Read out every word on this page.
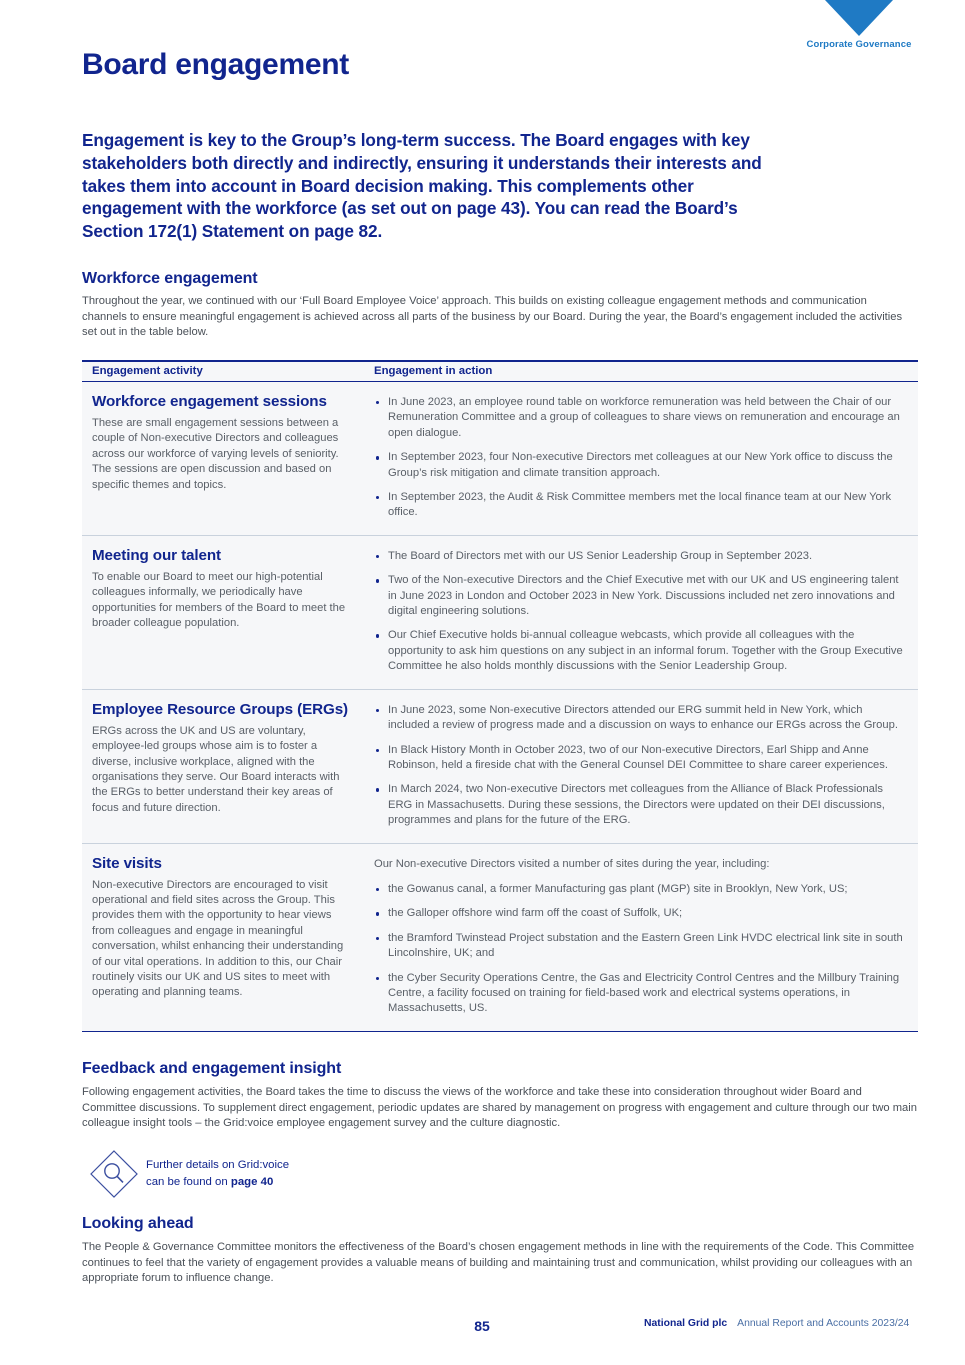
Corporate Governance
Board engagement

Engagement is key to the Group’s long-term success. The Board engages with key stakeholders both directly and indirectly, ensuring it understands their interests and takes them into account in Board decision making. This complements other engagement with the workforce (as set out on page 43). You can read the Board’s Section 172(1) Statement on page 82.

Workforce engagement

Throughout the year, we continued with our ‘Full Board Employee Voice’ approach. This builds on existing colleague engagement methods and communication channels to ensure meaningful engagement is achieved across all parts of the business by our Board. During the year, the Board’s engagement included the activities set out in the table below.

Engagement activity	Engagement in action
Workforce engagement sessions
These are small engagement sessions between a couple of Non-executive Directors and colleagues across our workforce of varying levels of seniority. The sessions are open discussion and based on specific themes and topics.
In June 2023, an employee round table on workforce remuneration was held between the Chair of our Remuneration Committee and a group of colleagues to share views on remuneration and encourage an open dialogue.
In September 2023, four Non-executive Directors met colleagues at our New York office to discuss the Group’s risk mitigation and climate transition approach.
In September 2023, the Audit & Risk Committee members met the local finance team at our New York office.
Meeting our talent
To enable our Board to meet our high-potential colleagues informally, we periodically have opportunities for members of the Board to meet the broader colleague population.
The Board of Directors met with our US Senior Leadership Group in September 2023.
Two of the Non-executive Directors and the Chief Executive met with our UK and US engineering talent in June 2023 in London and October 2023 in New York. Discussions included net zero innovations and digital engineering solutions.
Our Chief Executive holds bi-annual colleague webcasts, which provide all colleagues with the opportunity to ask him questions on any subject in an informal forum. Together with the Group Executive Committee he also holds monthly discussions with the Senior Leadership Group.
Employee Resource Groups (ERGs)
ERGs across the UK and US are voluntary, employee-led groups whose aim is to foster a diverse, inclusive workplace, aligned with the organisations they serve. Our Board interacts with the ERGs to better understand their key areas of focus and future direction.
In June 2023, some Non-executive Directors attended our ERG summit held in New York, which included a review of progress made and a discussion on ways to enhance our ERGs across the Group.
In Black History Month in October 2023, two of our Non-executive Directors, Earl Shipp and Anne Robinson, held a fireside chat with the General Counsel DEI Committee to share career experiences.
In March 2024, two Non-executive Directors met colleagues from the Alliance of Black Professionals ERG in Massachusetts. During these sessions, the Directors were updated on their DEI discussions, programmes and plans for the future of the ERG.
Site visits
Non-executive Directors are encouraged to visit operational and field sites across the Group. This provides them with the opportunity to hear views from colleagues and engage in meaningful conversation, whilst enhancing their understanding of our vital operations. In addition to this, our Chair routinely visits our UK and US sites to meet with operating and planning teams.
Our Non-executive Directors visited a number of sites during the year, including:
the Gowanus canal, a former Manufacturing gas plant (MGP) site in Brooklyn, New York, US;
the Galloper offshore wind farm off the coast of Suffolk, UK;
the Bramford Twinstead Project substation and the Eastern Green Link HVDC electrical link site in south Lincolnshire, UK; and
the Cyber Security Operations Centre, the Gas and Electricity Control Centres and the Millbury Training Centre, a facility focused on training for field-based work and electrical systems operations, in Massachusetts, US.
Feedback and engagement insight

Following engagement activities, the Board takes the time to discuss the views of the workforce and take these into consideration throughout wider Board and Committee discussions. To supplement direct engagement, periodic updates are shared by management on progress with engagement and culture through our two main colleague insight tools – the Grid:voice employee engagement survey and the culture diagnostic.

Further details on Grid:voice
can be found on page 40
Looking ahead

The People & Governance Committee monitors the effectiveness of the Board’s chosen engagement methods in line with the requirements of the Code. This Committee continues to feel that the variety of engagement provides a valuable means of building and maintaining trust and communication, whilst providing our colleagues with an appropriate forum to influence change.

85	National Grid plc Annual Report and Accounts 2023/24
